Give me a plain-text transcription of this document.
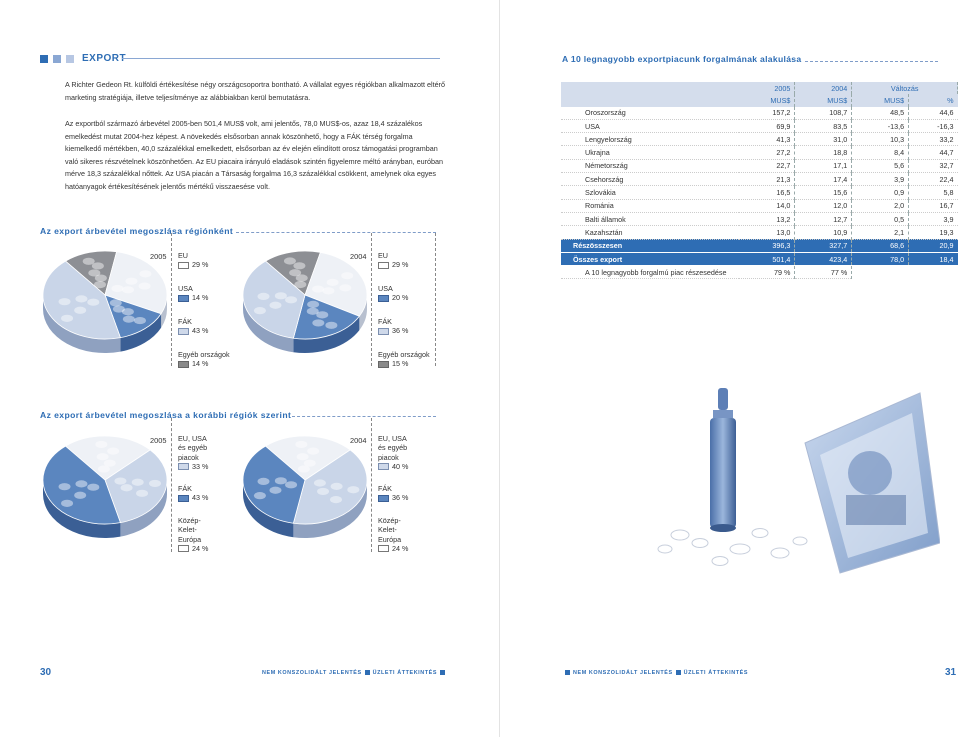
EXPORT

A Richter Gedeon Rt. külföldi értékesítése négy országcsoportra bontható. A vállalat egyes régiókban alkalmazott eltérő marketing stratégiája, illetve teljesítménye az alábbiakban kerül bemutatásra.

Az exportból származó árbevétel 2005-ben 501,4 MUS$ volt, ami jelentős, 78,0 MUS$-os, azaz 18,4 százalékos emelkedést mutat 2004-hez képest. A növekedés elsősorban annak köszönhető, hogy a FÁK térség forgalma kiemelkedő mértékben, 40,0 százalékkal emelkedett, elsősorban az év elején elindított orosz támogatási programban való sikeres részvételnek köszönhetően. Az EU piacaira irányuló eladások szintén figyelemre méltó arányban, euróban mérve 18,3 százalékkal nőttek. Az USA piacán a Társaság forgalma 16,3 százalékkal csökkent, amelynek oka egyes hatóanyagok értékesítésének jelentős mértékű visszaesése volt.

Az export árbevétel megoszlása régiónként
2005	2004
Az export árbevétel megoszlása a korábbi régiók szerint
2005	2004
30	NEM KONSZOLIDÁLT JELENTÉS ÜZLETI ÁTTEKINTÉS
EU
29 %
USA
14 %
FÁK
43 %
Egyéb országok
14 %
EU
29 %
USA
20 %
FÁK
36 %
Egyéb országok
15 %
EU, USA
és egyéb
piacok
33 %
FÁK
43 %
Közép-
Kelet-
Európa
24 %
EU, USA
és egyéb
piacok
40 %
FÁK
36 %
Közép-
Kelet-
Európa
24 %
A 10 legnagyobb exportpiacunk forgalmának alakulása
	2005	2004	Változás	
	MUS$	MUS$	MUS$	%
Oroszország	157,2	108,7	48,5	44,6
USA	69,9	83,5	-13,6	-16,3
Lengyelország	41,3	31,0	10,3	33,2
Ukrajna	27,2	18,8	8,4	44,7
Németország	22,7	17,1	5,6	32,7
Csehország	21,3	17,4	3,9	22,4
Szlovákia	16,5	15,6	0,9	5,8
Románia	14,0	12,0	2,0	16,7
Balti államok	13,2	12,7	0,5	3,9
Kazahsztán	13,0	10,9	2,1	19,3
Részösszesen	396,3	327,7	68,6	20,9
Összes export	501,4	423,4	78,0	18,4
A 10 legnagyobb forgalmú piac részesedése	79 %	77 %		
NEM KONSZOLIDÁLT JELENTÉS ÜZLETI ÁTTEKINTÉS	31
